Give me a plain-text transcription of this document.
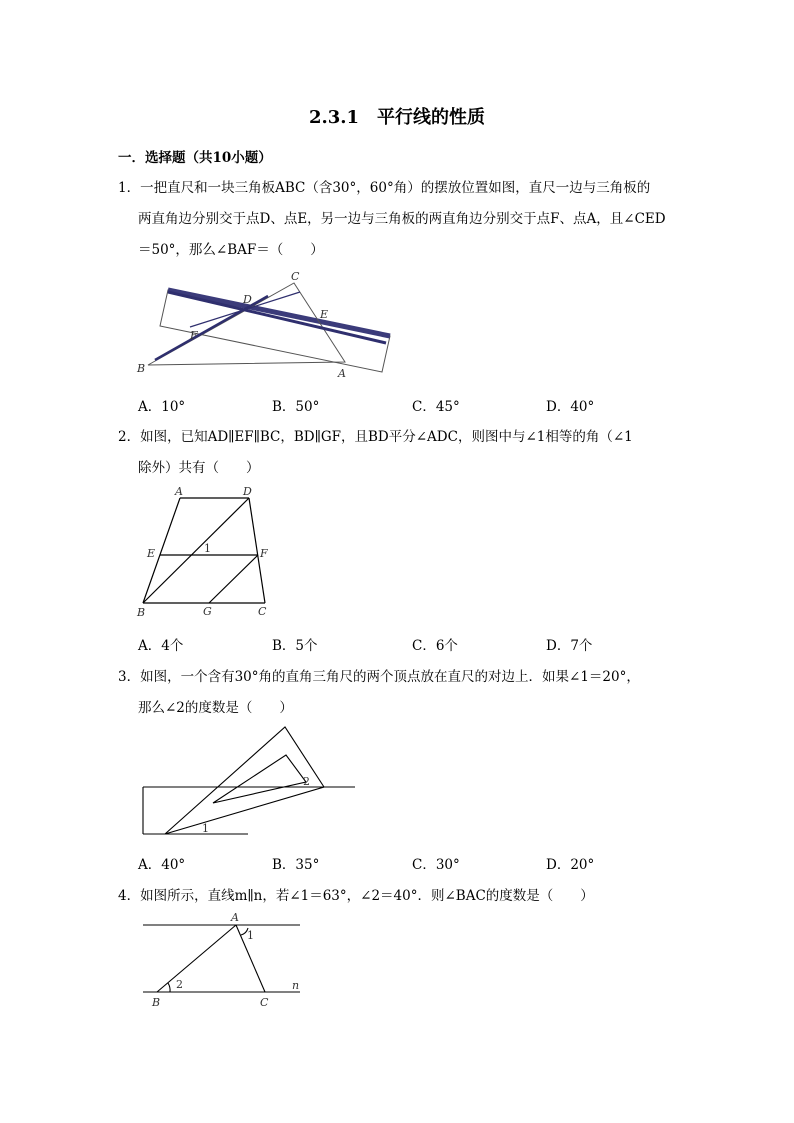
2.3.1　平行线的性质
一．选择题（共10小题）
1．一把直尺和一块三角板ABC（含30°，60°角）的摆放位置如图，直尺一边与三角板的
两直角边分别交于点D、点E，另一边与三角板的两直角边分别交于点F、点A，且∠CED
＝50°，那么∠BAF＝（　　）
C
D
E
F
B	A
A．10°	B．50°	C．45°	D．40°
2．如图，已知AD∥EF∥BC，BD∥GF，且BD平分∠ADC，则图中与∠1相等的角（∠1
除外）共有（　　）
A	D
E	1	F
B	G	C
A．4个	B．5个	C．6个	D．7个
3．如图，一个含有30°角的直角三角尺的两个顶点放在直尺的对边上．如果∠1＝20°，
那么∠2的度数是（　　）
2
1
A．40°	B．35°	C．30°	D．20°
4．如图所示，直线m∥n，若∠1＝63°，∠2＝40°．则∠BAC的度数是（　　）
A
1
2	n
B	C
